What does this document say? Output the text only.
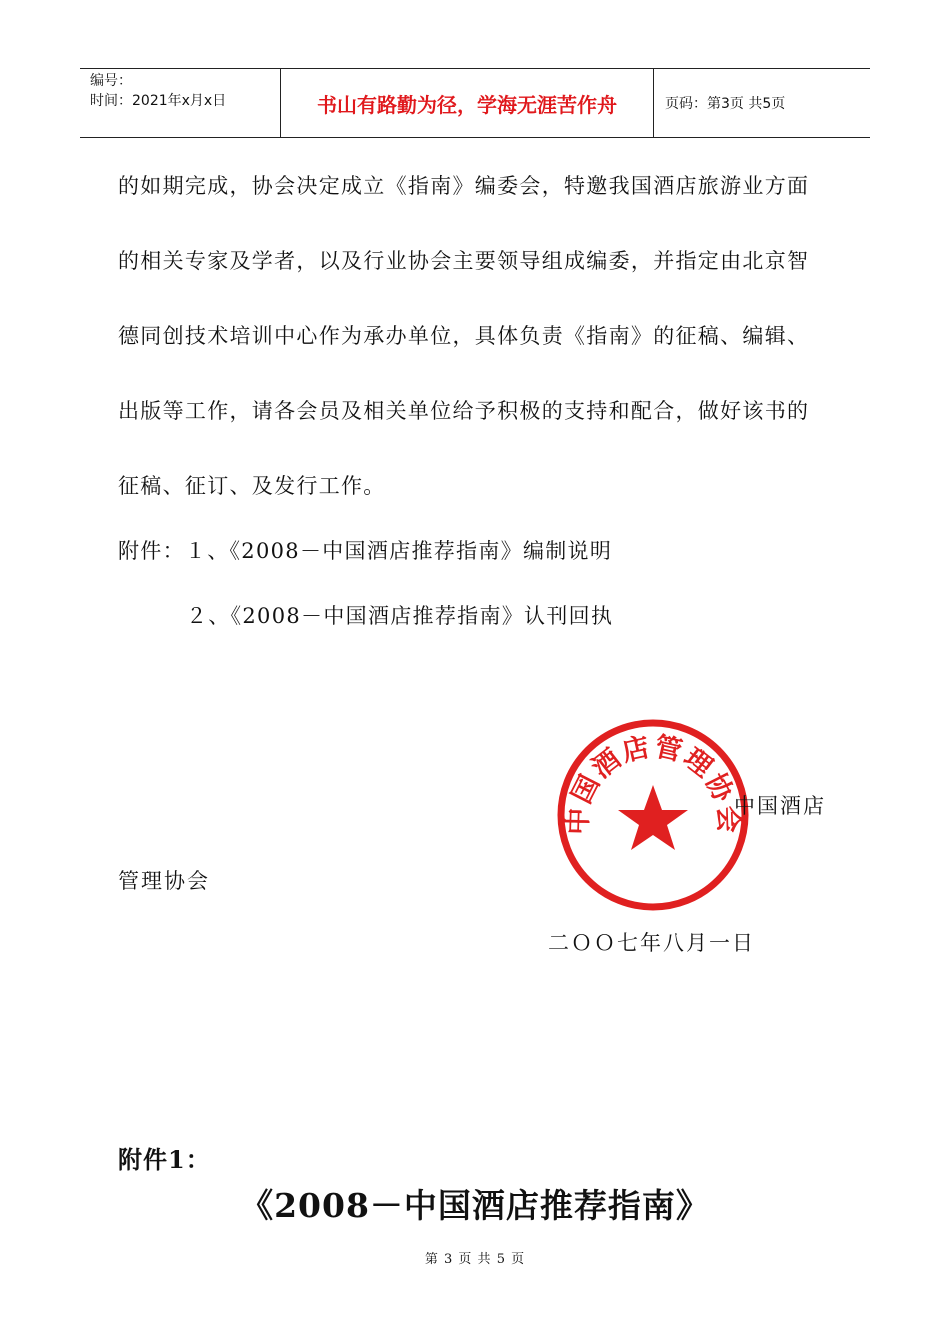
编号：
时间：2021年x月x日	书山有路勤为径，学海无涯苦作舟	页码：第3页 共5页
的如期完成，协会决定成立《指南》编委会，特邀我国酒店旅游业方面
的相关专家及学者，以及行业协会主要领导组成编委，并指定由北京智
德同创技术培训中心作为承办单位，具体负责《指南》的征稿、编辑、
出版等工作，请各会员及相关单位给予积极的支持和配合，做好该书的
征稿、征订、及发行工作。
附件：１、《2008－中国酒店推荐指南》编制说明
２、《2008－中国酒店推荐指南》认刊回执
中国酒店管理协会
中国酒店
管理协会
二ＯＯ七年八月一日
附件1：
《2008－中国酒店推荐指南》
第 3 页 共 5 页
